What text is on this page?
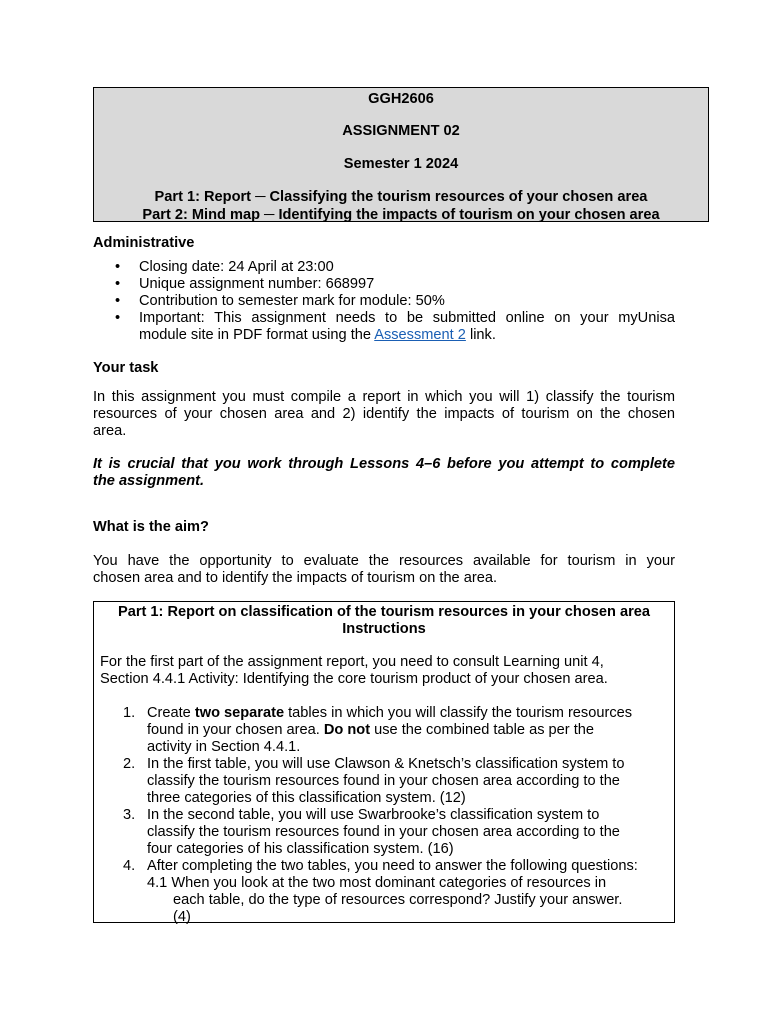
GGH2606
ASSIGNMENT 02
Semester 1 2024
Part 1: Report ─ Classifying the tourism resources of your chosen area
Part 2: Mind map ─ Identifying the impacts of tourism on your chosen area
Administrative
• Closing date: 24 April at 23:00
• Unique assignment number: 668997
• Contribution to semester mark for module: 50%
• Important: This assignment needs to be submitted online on your myUnisa
module site in PDF format using the Assessment 2 link.
Your task
In this assignment you must compile a report in which you will 1) classify the tourism
resources of your chosen area and 2) identify the impacts of tourism on the chosen
area.
It is crucial that you work through Lessons 4–6 before you attempt to complete
the assignment.
What is the aim?
You have the opportunity to evaluate the resources available for tourism in your
chosen area and to identify the impacts of tourism on the area.
Part 1: Report on classification of the tourism resources in your chosen area
Instructions
For the first part of the assignment report, you need to consult Learning unit 4,
Section 4.4.1 Activity: Identifying the core tourism product of your chosen area.
1. Create two separate tables in which you will classify the tourism resources
found in your chosen area. Do not use the combined table as per the
activity in Section 4.4.1.
2. In the first table, you will use Clawson & Knetsch’s classification system to
classify the tourism resources found in your chosen area according to the
three categories of this classification system. (12)
3. In the second table, you will use Swarbrooke’s classification system to
classify the tourism resources found in your chosen area according to the
four categories of his classification system. (16)
4. After completing the two tables, you need to answer the following questions:
4.1 When you look at the two most dominant categories of resources in
each table, do the type of resources correspond? Justify your answer.
(4)
